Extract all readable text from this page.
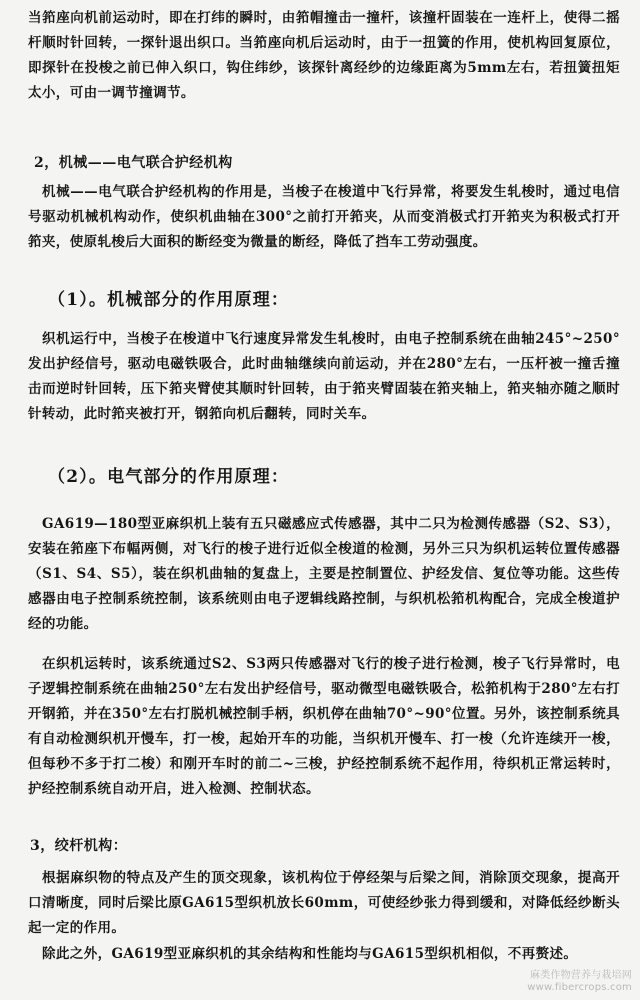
当筘座向机前运动时，即在打纬的瞬时，由筘帽撞击一撞杆，该撞杆固装在一连杆上，使得二摇杆顺时针回转，一探针退出织口。当筘座向机后运动时，由于一扭簧的作用，使机构回复原位，即探针在投梭之前已伸入织口，钩住纬纱，该探针离经纱的边缘距离为5mm左右，若扭簧扭矩太小，可由一调节撞调节。
2，机械——电气联合护经机构
机械——电气联合护经机构的作用是，当梭子在梭道中飞行异常，将要发生轧梭时，通过电信号驱动机械机构动作，使织机曲轴在300°之前打开筘夹，从而变消极式打开筘夹为积极式打开筘夹，使原轧梭后大面积的断经变为微量的断经，降低了挡车工劳动强度。
（1）。机械部分的作用原理：
织机运行中，当梭子在梭道中飞行速度异常发生轧梭时，由电子控制系统在曲轴245°~250°发出护经信号，驱动电磁铁吸合，此时曲轴继续向前运动，并在280°左右，一压杆被一撞舌撞击而逆时针回转，压下筘夹臂使其顺时针回转，由于筘夹臂固装在筘夹轴上，筘夹轴亦随之顺时针转动，此时筘夹被打开，钢筘向机后翻转，同时关车。
（2）。电气部分的作用原理：
GA619—180型亚麻织机上装有五只磁感应式传感器，其中二只为检测传感器（S2、S3），安装在筘座下布幅两侧，对飞行的梭子进行近似全梭道的检测，另外三只为织机运转位置传感器（S1、S4、S5），装在织机曲轴的复盘上，主要是控制置位、护经发信、复位等功能。这些传感器由电子控制系统控制，该系统则由电子逻辑线路控制，与织机松筘机构配合，完成全梭道护经的功能。
在织机运转时，该系统通过S2、S3两只传感器对飞行的梭子进行检测，梭子飞行异常时，电子逻辑控制系统在曲轴250°左右发出护经信号，驱动微型电磁铁吸合，松筘机构于280°左右打开钢筘，并在350°左右打脱机械控制手柄，织机停在曲轴70°~90°位置。另外，该控制系统具有自动检测织机开慢车，打一梭，起始开车的功能，当织机开慢车、打一梭（允许连续开一梭，但每秒不多于打二梭）和刚开车时的前二~三梭，护经控制系统不起作用，待织机正常运转时，护经控制系统自动开启，进入检测、控制状态。
3，绞杆机构：
根据麻织物的特点及产生的顶交现象，该机构位于停经架与后梁之间，消除顶交现象，提高开口清晰度，同时后梁比原GA615型织机放长60mm，可使经纱张力得到缓和，对降低经纱断头起一定的作用。
除此之外，GA619型亚麻织机的其余结构和性能均与GA615型织机相似，不再赘述。
麻类作物营养与栽培网
www.fibercrops.com
